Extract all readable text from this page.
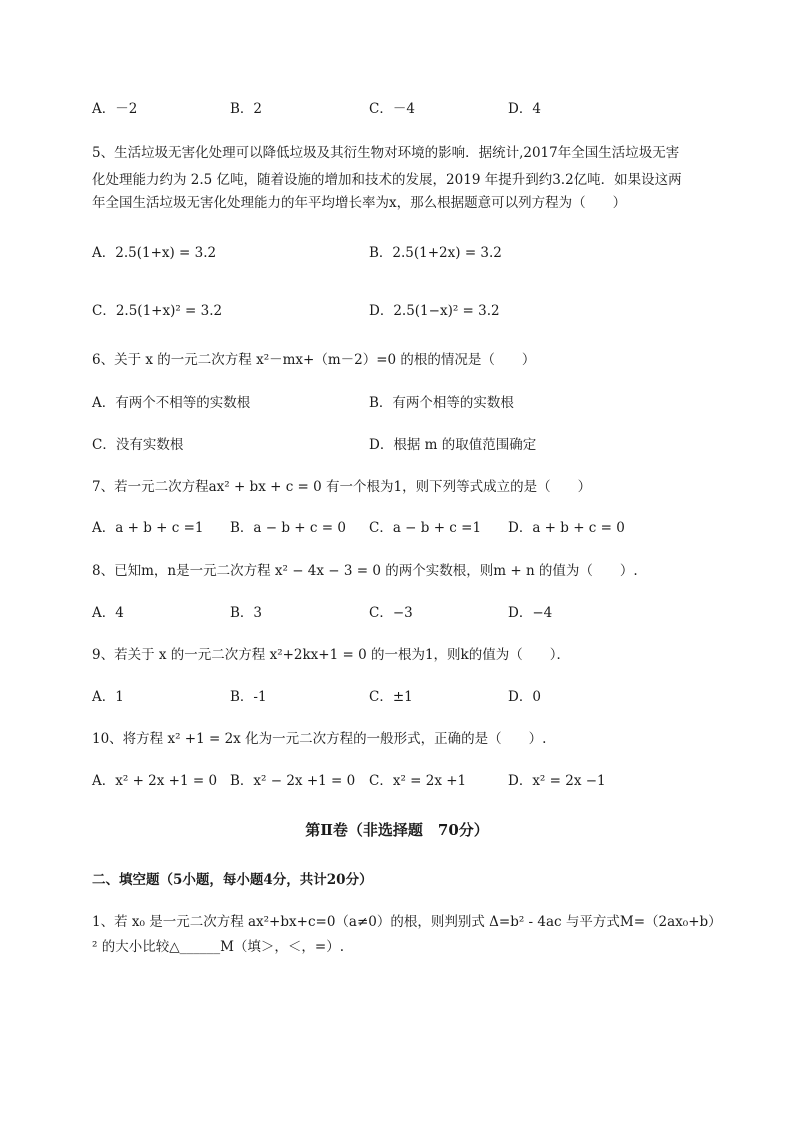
A．－2	B．2	C．－4	D．4
5、生活垃圾无害化处理可以降低垃圾及其衍生物对环境的影响．据统计,2017年全国生活垃圾无害
化处理能力约为 2.5 亿吨，随着设施的增加和技术的发展，2019 年提升到约3.2亿吨．如果设这两
年全国生活垃圾无害化处理能力的年平均增长率为x，那么根据题意可以列方程为（　　）
A．2.5(1+x) = 3.2	B．2.5(1+2x) = 3.2
C．2.5(1+x)² = 3.2	D．2.5(1−x)² = 3.2
6、关于 x 的一元二次方程 x²－mx+（m－2）=0 的根的情况是（　　）
A．有两个不相等的实数根	B．有两个相等的实数根
C．没有实数根	D．根据 m 的取值范围确定
7、若一元二次方程ax² + bx + c = 0 有一个根为1，则下列等式成立的是（　　）
A．a + b + c =1 B．a − b + c = 0 C．a − b + c =1 D．a + b + c = 0
8、已知m，n是一元二次方程 x² − 4x − 3 = 0 的两个实数根，则m + n 的值为（　　）.
A．4	B．3	C．−3	D．−4
9、若关于 x 的一元二次方程 x²+2kx+1 = 0 的一根为1，则k的值为（　　）．
A．1	B．-1	C．±1	D．0
10、将方程 x² +1 = 2x 化为一元二次方程的一般形式，正确的是（　　）.
A．x² + 2x +1 = 0 B．x² − 2x +1 = 0 C．x² = 2x +1	D．x² = 2x −1
第Ⅱ卷（非选择题　70分）
二、填空题（5小题，每小题4分，共计20分）
1、若 x₀ 是一元二次方程 ax²+bx+c=0（a≠0）的根，则判别式 Δ=b² - 4ac 与平方式M=（2ax₀+b）
² 的大小比较△______M（填＞，＜，=）.
